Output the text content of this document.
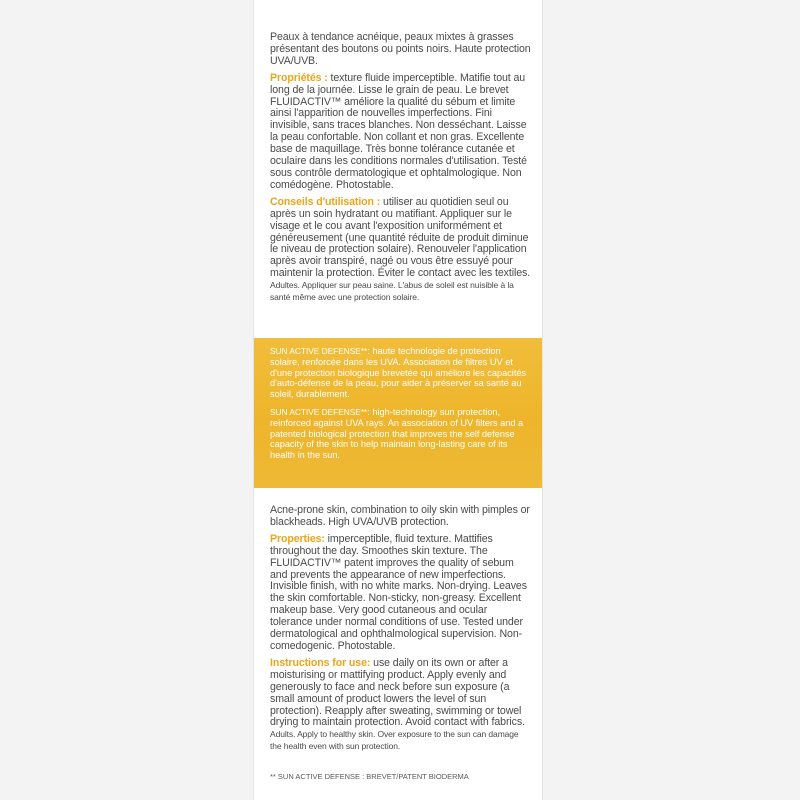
Peaux à tendance acnéique, peaux mixtes à grasses présentant des boutons ou points noirs. Haute protection UVA/UVB.

Propriétés : texture fluide imperceptible. Matifie tout au long de la journée. Lisse le grain de peau. Le brevet FLUIDACTIV™ améliore la qualité du sébum et limite ainsi l'apparition de nouvelles imperfections. Fini invisible, sans traces blanches. Non desséchant. Laisse la peau confortable. Non collant et non gras. Excellente base de maquillage. Très bonne tolérance cutanée et oculaire dans les conditions normales d'utilisation. Testé sous contrôle dermatologique et ophtalmologique. Non comédogène. Photostable.

Conseils d'utilisation : utiliser au quotidien seul ou après un soin hydratant ou matifiant. Appliquer sur le visage et le cou avant l'exposition uniformément et généreusement (une quantité réduite de produit diminue le niveau de protection solaire). Renouveler l'application après avoir transpiré, nagé ou vous être essuyé pour maintenir la protection. Éviter le contact avec les textiles. Adultes. Appliquer sur peau saine. L'abus de soleil est nuisible à la santé même avec une protection solaire.

SUN ACTIVE DEFENSE**: haute technologie de protection solaire, renforcée dans les UVA. Association de filtres UV et d'une protection biologique brevetée qui améliore les capacités d'auto-défense de la peau, pour aider à préserver sa santé au soleil, durablement.

SUN ACTIVE DEFENSE**: high-technology sun protection, reinforced against UVA rays. An association of UV filters and a patented biological protection that improves the self defense capacity of the skin to help maintain long-lasting care of its health in the sun.

Acne-prone skin, combination to oily skin with pimples or blackheads. High UVA/UVB protection.

Properties: imperceptible, fluid texture. Mattifies throughout the day. Smoothes skin texture. The FLUIDACTIV™ patent improves the quality of sebum and prevents the appearance of new imperfections. Invisible finish, with no white marks. Non-drying. Leaves the skin comfortable. Non-sticky, non-greasy. Excellent makeup base. Very good cutaneous and ocular tolerance under normal conditions of use. Tested under dermatological and ophthalmological supervision. Non-comedogenic. Photostable.

Instructions for use: use daily on its own or after a moisturising or mattifying product. Apply evenly and generously to face and neck before sun exposure (a small amount of product lowers the level of sun protection). Reapply after sweating, swimming or towel drying to maintain protection. Avoid contact with fabrics. Adults. Apply to healthy skin. Over exposure to the sun can damage the health even with sun protection.

** SUN ACTIVE DEFENSE : BREVET/PATENT BIODERMA
